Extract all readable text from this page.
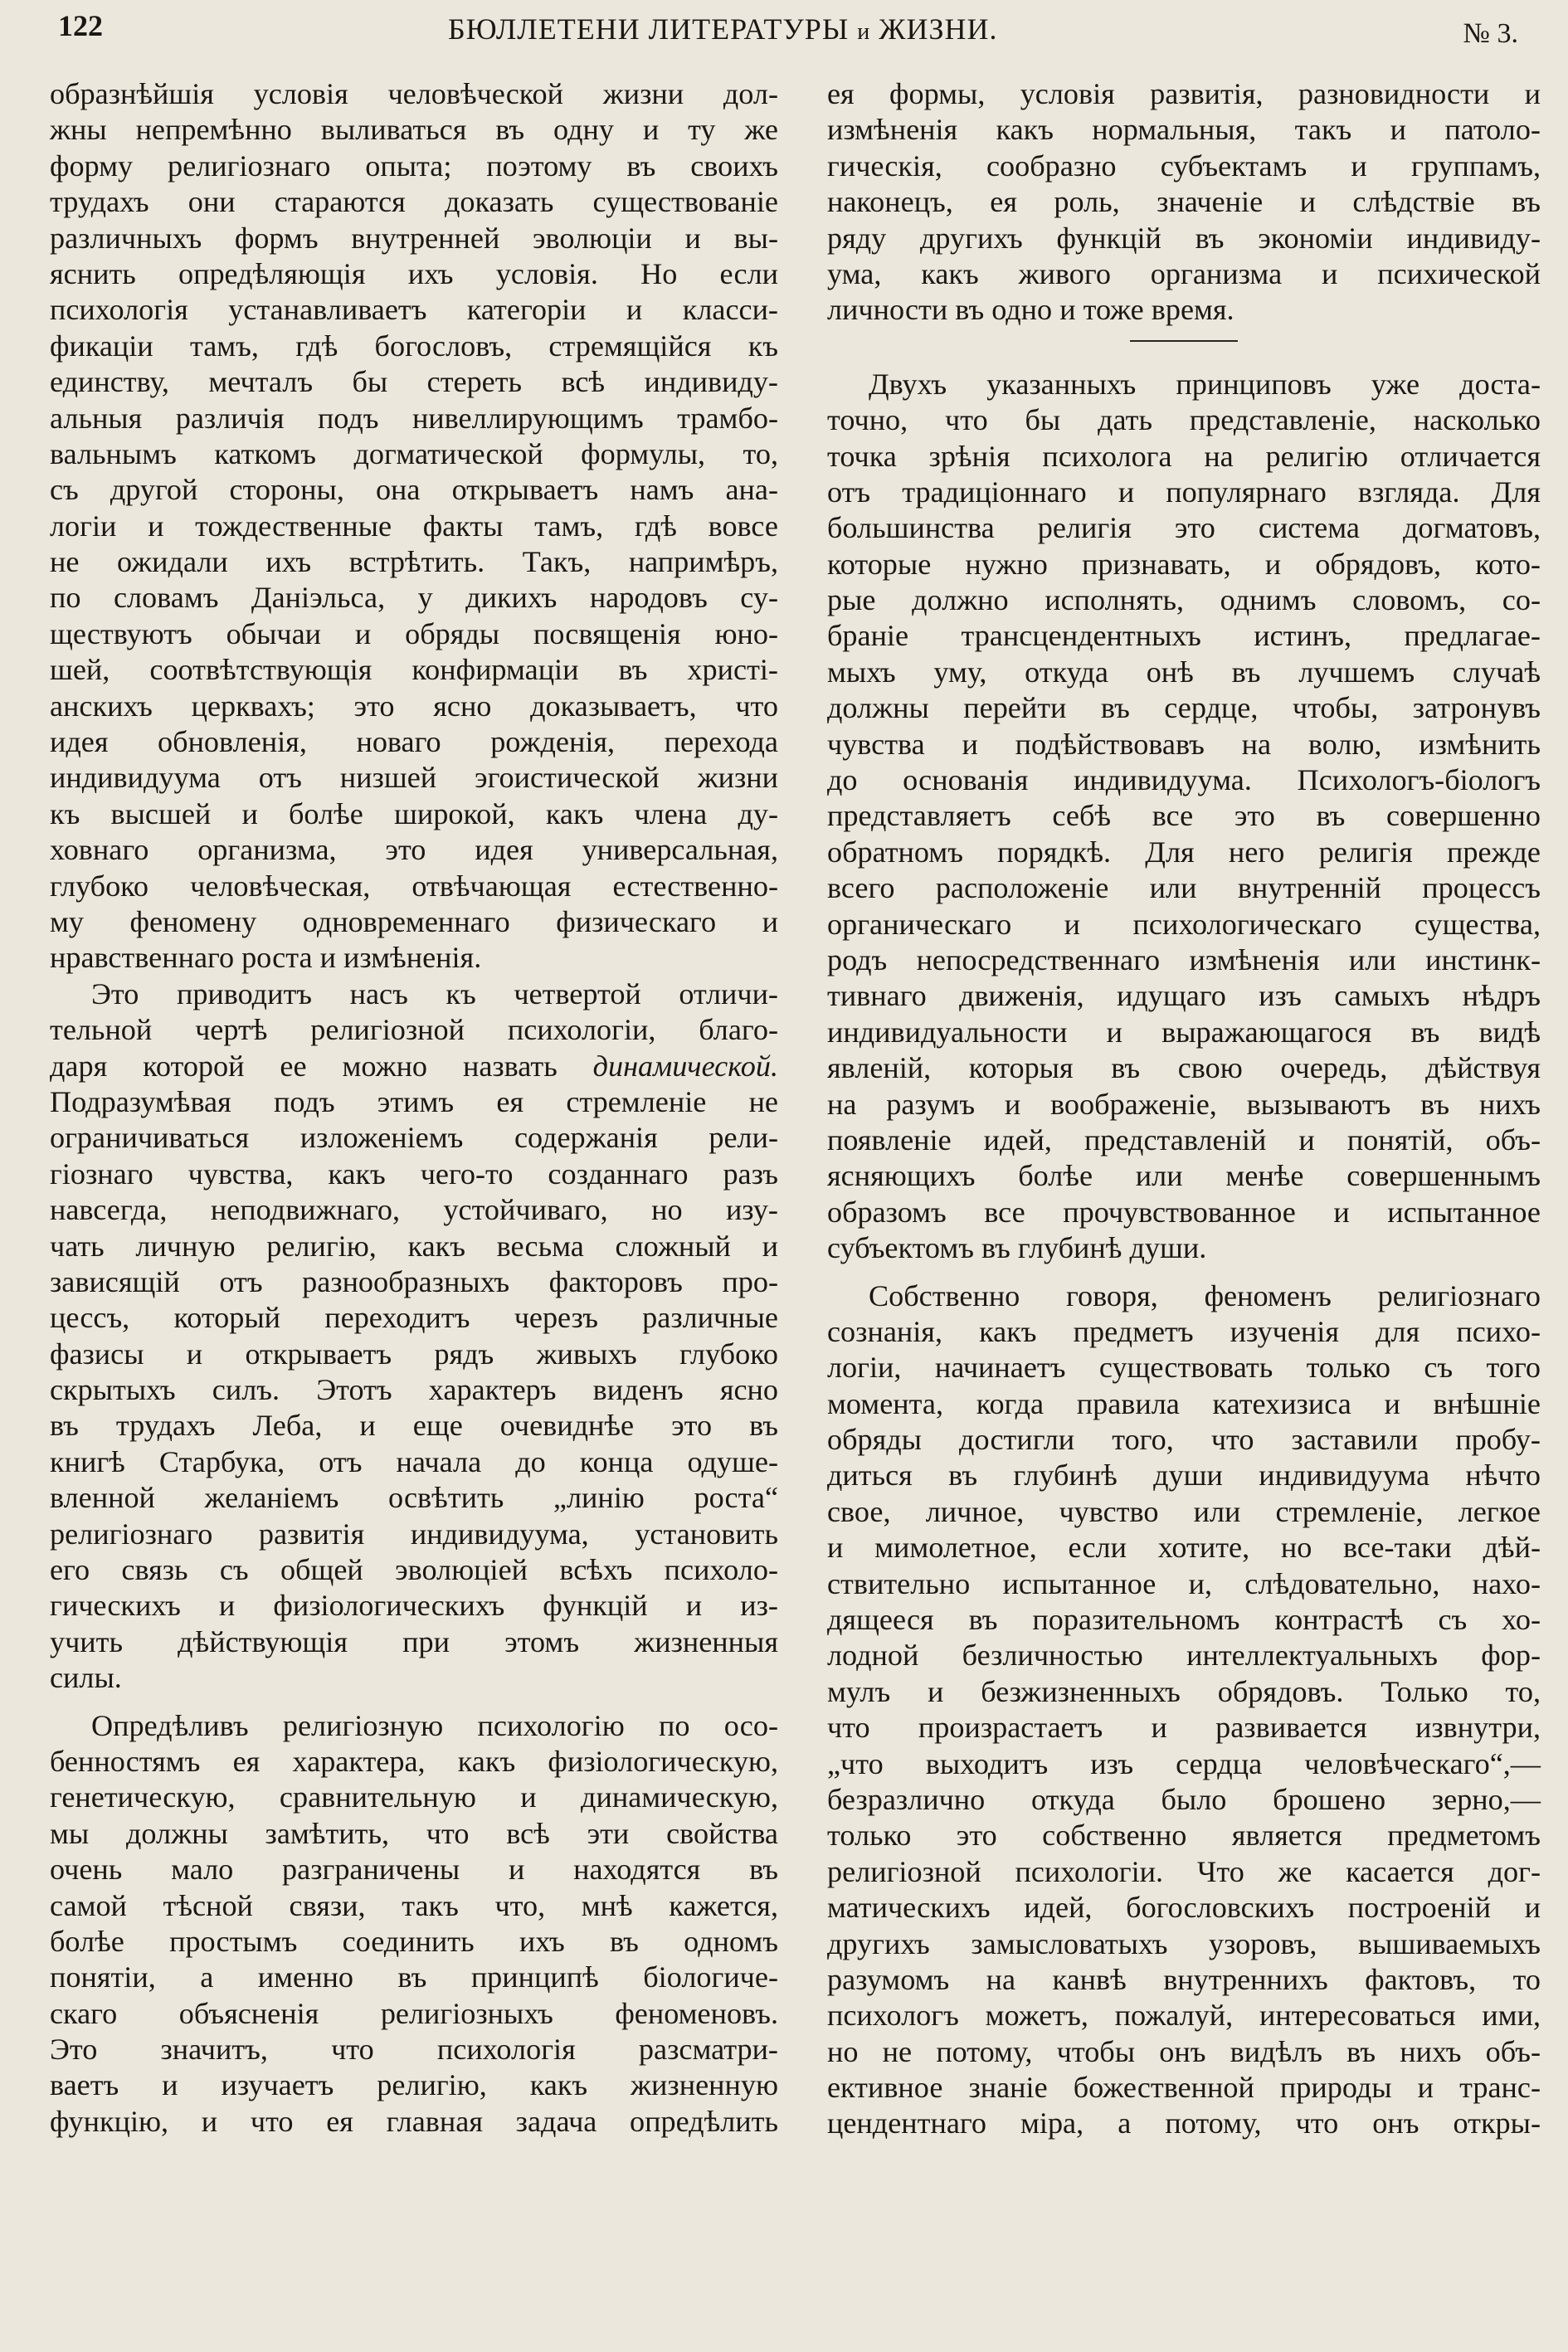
122	БЮЛЛЕТЕНИ ЛИТЕРАТУРЫ и ЖИЗНИ.	№ 3.
образнѣйшія условія человѣческой жизни дол-
жны непремѣнно выливаться въ одну и ту же
форму религіознаго опыта; поэтому въ своихъ
трудахъ они стараются доказать существованіе
различныхъ формъ внутренней эволюціи и вы-
яснить опредѣляющія ихъ условія. Но если
психологія устанавливаетъ категоріи и класси-
фикаціи тамъ, гдѣ богословъ, стремящійся къ
единству, мечталъ бы стереть всѣ индивиду-
альныя различія подъ нивеллирующимъ трамбо-
вальнымъ каткомъ догматической формулы, то,
съ другой стороны, она открываетъ намъ ана-
логіи и тождественные факты тамъ, гдѣ вовсе
не ожидали ихъ встрѣтить. Такъ, напримѣръ,
по словамъ Даніэльса, у дикихъ народовъ су-
ществуютъ обычаи и обряды посвященія юно-
шей, соотвѣтствующія конфирмаціи въ христі-
анскихъ церквахъ; это ясно доказываетъ, что
идея обновленія, новаго рожденія, перехода
индивидуума отъ низшей эгоистической жизни
къ высшей и болѣе широкой, какъ члена ду-
ховнаго организма, это идея универсальная,
глубоко человѣческая, отвѣчающая естественно-
му феномену одновременнаго физическаго и
нравственнаго роста и измѣненія.
Это приводитъ насъ къ четвертой отличи-
тельной чертѣ религіозной психологіи, благо-
даря которой ее можно назвать динамической.
Подразумѣвая подъ этимъ ея стремленіе не
ограничиваться изложеніемъ содержанія рели-
гіознаго чувства, какъ чего-то созданнаго разъ
навсегда, неподвижнаго, устойчиваго, но изу-
чать личную религію, какъ весьма сложный и
зависящій отъ разнообразныхъ факторовъ про-
цессъ, который переходитъ черезъ различные
фазисы и открываетъ рядъ живыхъ глубоко
скрытыхъ силъ. Этотъ характеръ виденъ ясно
въ трудахъ Леба, и еще очевиднѣе это въ
книгѣ Старбука, отъ начала до конца одуше-
вленной желаніемъ освѣтить „линію роста“
религіознаго развитія индивидуума, установить
его связь съ общей эволюціей всѣхъ психоло-
гическихъ и физіологическихъ функцій и из-
учить дѣйствующія при этомъ жизненныя
силы.
Опредѣливъ религіозную психологію по осо-
бенностямъ ея характера, какъ физіологическую,
генетическую, сравнительную и динамическую,
мы должны замѣтить, что всѣ эти свойства
очень мало разграничены и находятся въ
самой тѣсной связи, такъ что, мнѣ кажется,
болѣе простымъ соединить ихъ въ одномъ
понятіи, а именно въ принципѣ біологиче-
скаго объясненія религіозныхъ феноменовъ.
Это значитъ, что психологія разсматри-
ваетъ и изучаетъ религію, какъ жизненную
функцію, и что ея главная задача опредѣлить
ея формы, условія развитія, разновидности и
измѣненія какъ нормальныя, такъ и патоло-
гическія, сообразно субъектамъ и группамъ,
наконецъ, ея роль, значеніе и слѣдствіе въ
ряду другихъ функцій въ экономіи индивиду-
ума, какъ живого организма и психической
личности въ одно и тоже время.
Двухъ указанныхъ принциповъ уже доста-
точно, что бы дать представленіе, насколько
точка зрѣнія психолога на религію отличается
отъ традиціоннаго и популярнаго взгляда. Для
большинства религія это система догматовъ,
которые нужно признавать, и обрядовъ, кото-
рые должно исполнять, однимъ словомъ, со-
браніе трансцендентныхъ истинъ, предлагае-
мыхъ уму, откуда онѣ въ лучшемъ случаѣ
должны перейти въ сердце, чтобы, затронувъ
чувства и подѣйствовавъ на волю, измѣнить
до основанія индивидуума. Психологъ-біологъ
представляетъ себѣ все это въ совершенно
обратномъ порядкѣ. Для него религія прежде
всего расположеніе или внутренній процессъ
органическаго и психологическаго существа,
родъ непосредственнаго измѣненія или инстинк-
тивнаго движенія, идущаго изъ самыхъ нѣдръ
индивидуальности и выражающагося въ видѣ
явленій, которыя въ свою очередь, дѣйствуя
на разумъ и воображеніе, вызываютъ въ нихъ
появленіе идей, представленій и понятій, объ-
ясняющихъ болѣе или менѣе совершеннымъ
образомъ все прочувствованное и испытанное
субъектомъ въ глубинѣ души.
Собственно говоря, феноменъ религіознаго
сознанія, какъ предметъ изученія для психо-
логіи, начинаетъ существовать только съ того
момента, когда правила катехизиса и внѣшніе
обряды достигли того, что заставили пробу-
диться въ глубинѣ души индивидуума нѣчто
свое, личное, чувство или стремленіе, легкое
и мимолетное, если хотите, но все-таки дѣй-
ствительно испытанное и, слѣдовательно, нахо-
дящееся въ поразительномъ контрастѣ съ хо-
лодной безличностью интеллектуальныхъ фор-
мулъ и безжизненныхъ обрядовъ. Только то,
что произрастаетъ и развивается извнутри,
„что выходитъ изъ сердца человѣческаго“,—
безразлично откуда было брошено зерно,—
только это собственно является предметомъ
религіозной психологіи. Что же касается дог-
матическихъ идей, богословскихъ построеній и
другихъ замысловатыхъ узоровъ, вышиваемыхъ
разумомъ на канвѣ внутреннихъ фактовъ, то
психологъ можетъ, пожалуй, интересоваться ими,
но не потому, чтобы онъ видѣлъ въ нихъ объ-
ективное знаніе божественной природы и транс-
цендентнаго міра, а потому, что онъ откры-
